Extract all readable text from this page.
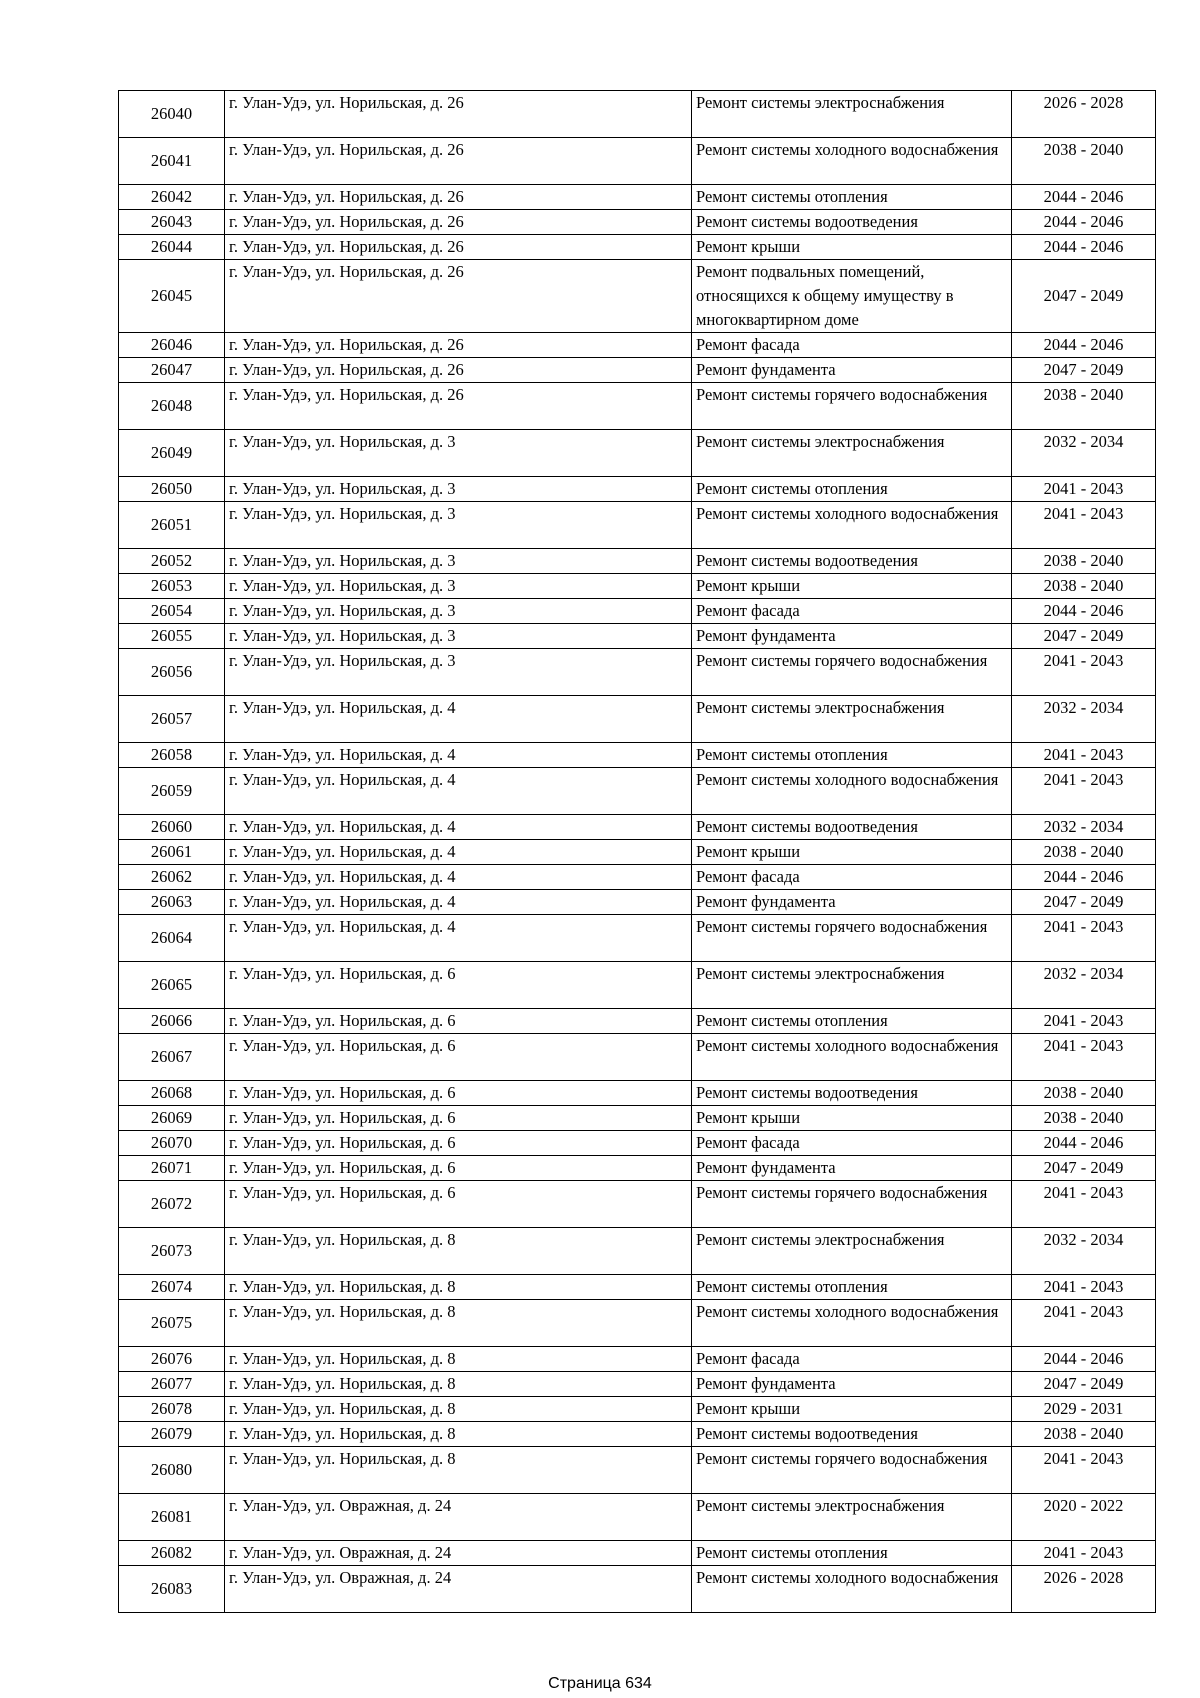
26040	г. Улан-Удэ, ул. Норильская, д. 26	Ремонт системы электроснабжения	2026 - 2028
26041	г. Улан-Удэ, ул. Норильская, д. 26	Ремонт системы холодного водоснабжения	2038 - 2040
26042	г. Улан-Удэ, ул. Норильская, д. 26	Ремонт системы отопления	2044 - 2046
26043	г. Улан-Удэ, ул. Норильская, д. 26	Ремонт системы водоотведения	2044 - 2046
26044	г. Улан-Удэ, ул. Норильская, д. 26	Ремонт крыши	2044 - 2046
26045	г. Улан-Удэ, ул. Норильская, д. 26	Ремонт подвальных помещений, относящихся к общему имуществу в многоквартирном доме	2047 - 2049
26046	г. Улан-Удэ, ул. Норильская, д. 26	Ремонт фасада	2044 - 2046
26047	г. Улан-Удэ, ул. Норильская, д. 26	Ремонт фундамента	2047 - 2049
26048	г. Улан-Удэ, ул. Норильская, д. 26	Ремонт системы горячего водоснабжения	2038 - 2040
26049	г. Улан-Удэ, ул. Норильская, д. 3	Ремонт системы электроснабжения	2032 - 2034
26050	г. Улан-Удэ, ул. Норильская, д. 3	Ремонт системы отопления	2041 - 2043
26051	г. Улан-Удэ, ул. Норильская, д. 3	Ремонт системы холодного водоснабжения	2041 - 2043
26052	г. Улан-Удэ, ул. Норильская, д. 3	Ремонт системы водоотведения	2038 - 2040
26053	г. Улан-Удэ, ул. Норильская, д. 3	Ремонт крыши	2038 - 2040
26054	г. Улан-Удэ, ул. Норильская, д. 3	Ремонт фасада	2044 - 2046
26055	г. Улан-Удэ, ул. Норильская, д. 3	Ремонт фундамента	2047 - 2049
26056	г. Улан-Удэ, ул. Норильская, д. 3	Ремонт системы горячего водоснабжения	2041 - 2043
26057	г. Улан-Удэ, ул. Норильская, д. 4	Ремонт системы электроснабжения	2032 - 2034
26058	г. Улан-Удэ, ул. Норильская, д. 4	Ремонт системы отопления	2041 - 2043
26059	г. Улан-Удэ, ул. Норильская, д. 4	Ремонт системы холодного водоснабжения	2041 - 2043
26060	г. Улан-Удэ, ул. Норильская, д. 4	Ремонт системы водоотведения	2032 - 2034
26061	г. Улан-Удэ, ул. Норильская, д. 4	Ремонт крыши	2038 - 2040
26062	г. Улан-Удэ, ул. Норильская, д. 4	Ремонт фасада	2044 - 2046
26063	г. Улан-Удэ, ул. Норильская, д. 4	Ремонт фундамента	2047 - 2049
26064	г. Улан-Удэ, ул. Норильская, д. 4	Ремонт системы горячего водоснабжения	2041 - 2043
26065	г. Улан-Удэ, ул. Норильская, д. 6	Ремонт системы электроснабжения	2032 - 2034
26066	г. Улан-Удэ, ул. Норильская, д. 6	Ремонт системы отопления	2041 - 2043
26067	г. Улан-Удэ, ул. Норильская, д. 6	Ремонт системы холодного водоснабжения	2041 - 2043
26068	г. Улан-Удэ, ул. Норильская, д. 6	Ремонт системы водоотведения	2038 - 2040
26069	г. Улан-Удэ, ул. Норильская, д. 6	Ремонт крыши	2038 - 2040
26070	г. Улан-Удэ, ул. Норильская, д. 6	Ремонт фасада	2044 - 2046
26071	г. Улан-Удэ, ул. Норильская, д. 6	Ремонт фундамента	2047 - 2049
26072	г. Улан-Удэ, ул. Норильская, д. 6	Ремонт системы горячего водоснабжения	2041 - 2043
26073	г. Улан-Удэ, ул. Норильская, д. 8	Ремонт системы электроснабжения	2032 - 2034
26074	г. Улан-Удэ, ул. Норильская, д. 8	Ремонт системы отопления	2041 - 2043
26075	г. Улан-Удэ, ул. Норильская, д. 8	Ремонт системы холодного водоснабжения	2041 - 2043
26076	г. Улан-Удэ, ул. Норильская, д. 8	Ремонт фасада	2044 - 2046
26077	г. Улан-Удэ, ул. Норильская, д. 8	Ремонт фундамента	2047 - 2049
26078	г. Улан-Удэ, ул. Норильская, д. 8	Ремонт крыши	2029 - 2031
26079	г. Улан-Удэ, ул. Норильская, д. 8	Ремонт системы водоотведения	2038 - 2040
26080	г. Улан-Удэ, ул. Норильская, д. 8	Ремонт системы горячего водоснабжения	2041 - 2043
26081	г. Улан-Удэ, ул. Овражная, д. 24	Ремонт системы электроснабжения	2020 - 2022
26082	г. Улан-Удэ, ул. Овражная, д. 24	Ремонт системы отопления	2041 - 2043
26083	г. Улан-Удэ, ул. Овражная, д. 24	Ремонт системы холодного водоснабжения	2026 - 2028
Страница 634
